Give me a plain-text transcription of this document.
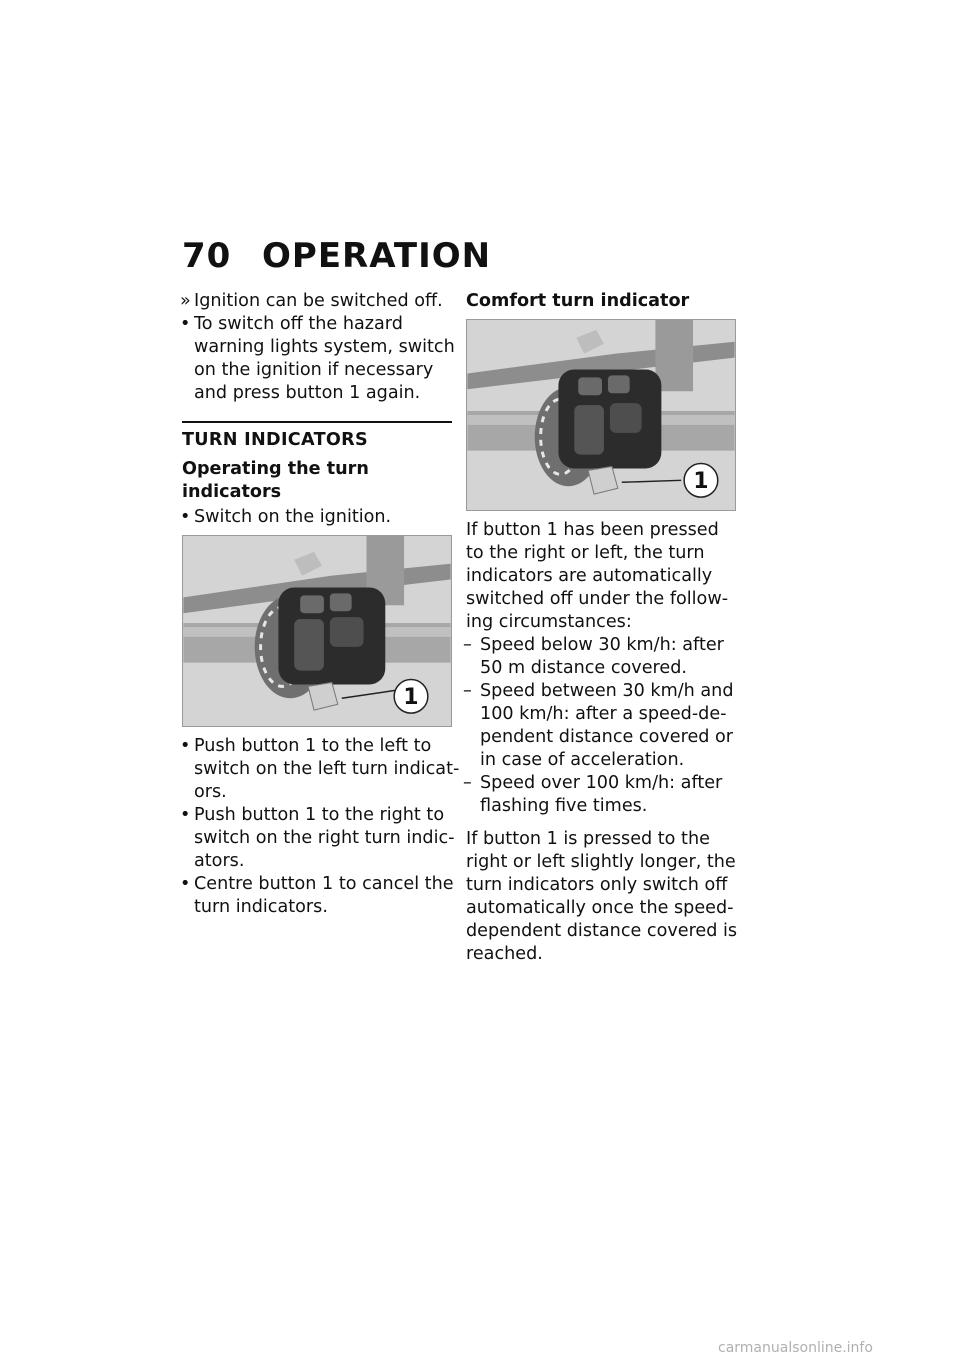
70 OPERATION
» Ignition can be switched off.
• To switch off the hazard
warning lights system, switch
on the ignition if necessary
and press button 1 again.
TURN INDICATORS
Operating the turn indicators
• Switch on the ignition.
1
• Push button 1 to the left to
switch on the left turn indicat-
ors.
• Push button 1 to the right to
switch on the right turn indic-
ators.
• Centre button 1 to cancel the
turn indicators.
Comfort turn indicator
1
If button 1 has been pressed
to the right or left, the turn
indicators are automatically
switched off under the follow-
ing circumstances:
– Speed below 30 km/h: after
50 m distance covered.
– Speed between 30 km/h and
100 km/h: after a speed-de-
pendent distance covered or
in case of acceleration.
– Speed over 100 km/h: after
flashing five times.
If button 1 is pressed to the
right or left slightly longer, the
turn indicators only switch off
automatically once the speed-
dependent distance covered is
reached.
carmanualsonline.info
